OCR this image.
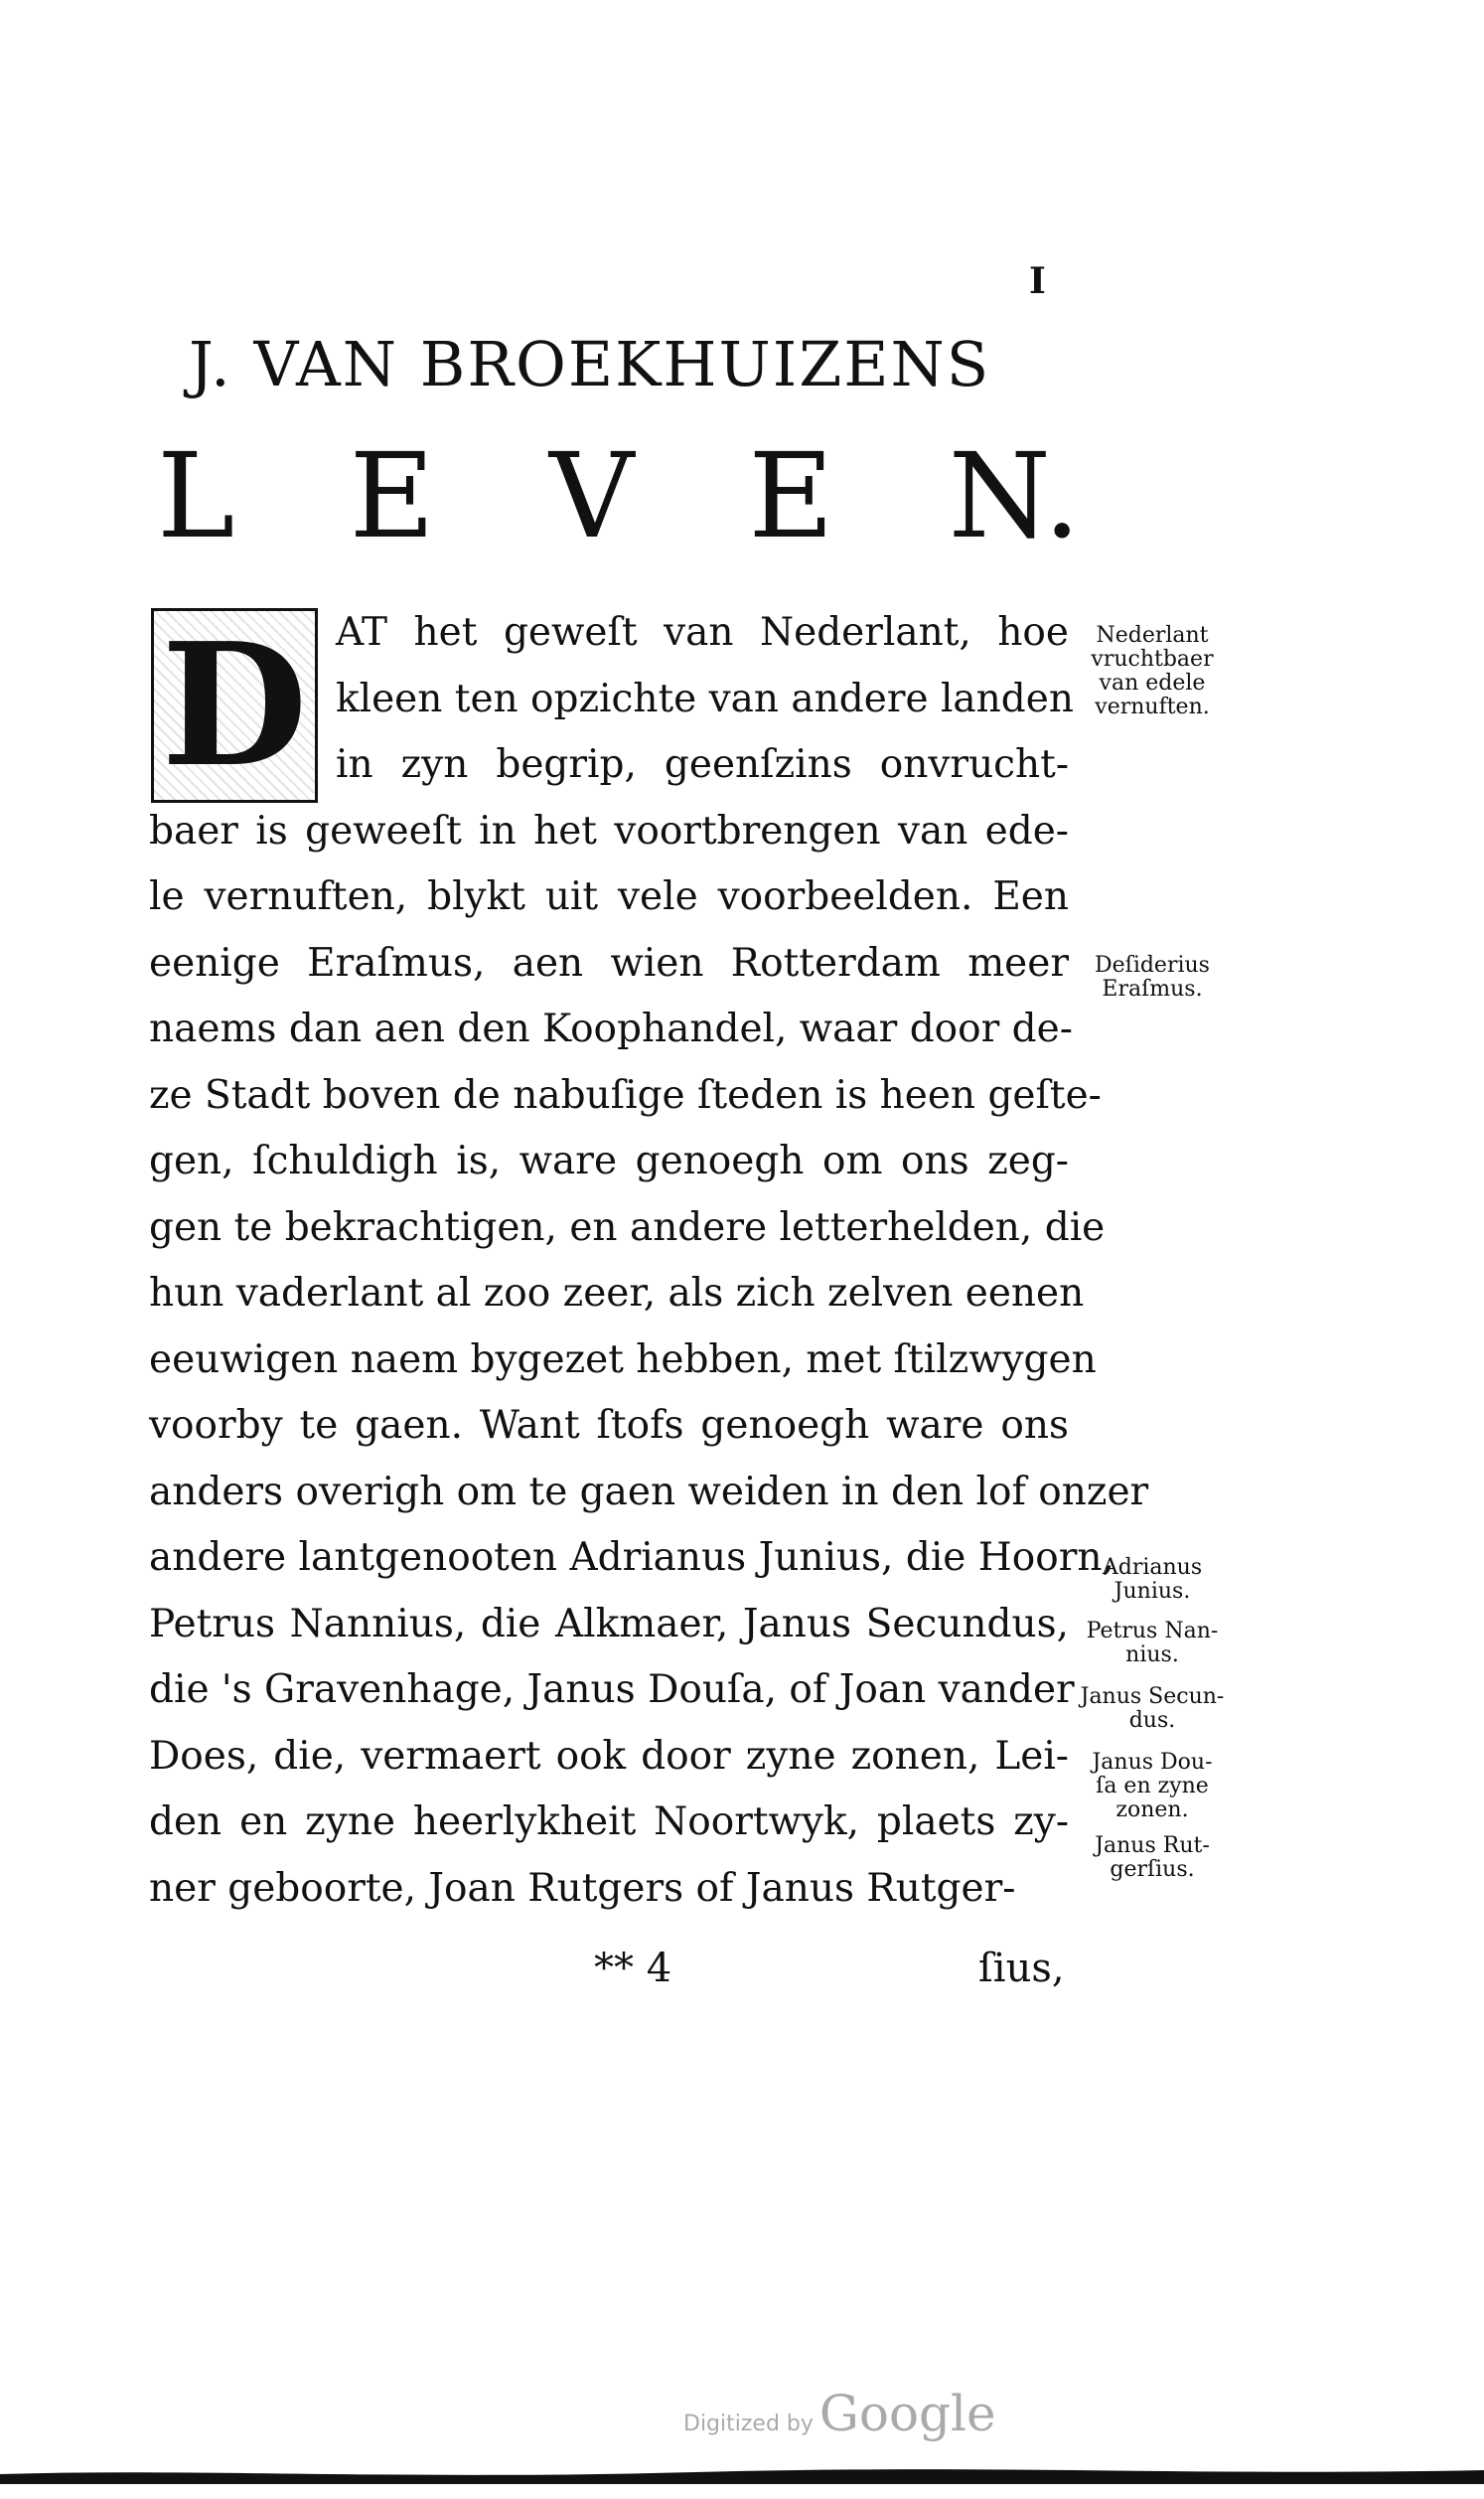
I
J. VAN BROEKHUIZENS
L E V E N.
D AT het geweſt van Nederlant, hoe
kleen ten opzichte van andere landen
in zyn begrip, geenſzins onvrucht-
baer is geweeſt in het voortbrengen van ede-
le vernuften, blykt uit vele voorbeelden. Een
eenige Eraſmus, aen wien Rotterdam meer
naems dan aen den Koophandel, waar door de-
ze Stadt boven de nabuſige ſteden is heen geſte-
gen, ſchuldigh is, ware genoegh om ons zeg-
gen te bekrachtigen, en andere letterhelden, die
hun vaderlant al zoo zeer, als zich zelven eenen
eeuwigen naem bygezet hebben, met ſtilzwygen
voorby te gaen. Want ſtofs genoegh ware ons
anders overigh om te gaen weiden in den lof onzer
andere lantgenooten Adrianus Junius, die Hoorn,
Petrus Nannius, die Alkmaer, Janus Secundus,
die 's Gravenhage, Janus Douſa, of Joan vander
Does, die, vermaert ook door zyne zonen, Lei-
den en zyne heerlykheit Noortwyk, plaets zy-
ner geboorte, Joan Rutgers of Janus Rutger-
Nederlant
vruchtbaer
van edele
vernuften.
Deſiderius
Eraſmus.
Adrianus
Junius.
Petrus Nan-
nius.
Janus Secun-
dus.
Janus Dou-
ſa en zyne
zonen.
Janus Rut-
gerſius.
** 4	ſius,
Digitized by Google
